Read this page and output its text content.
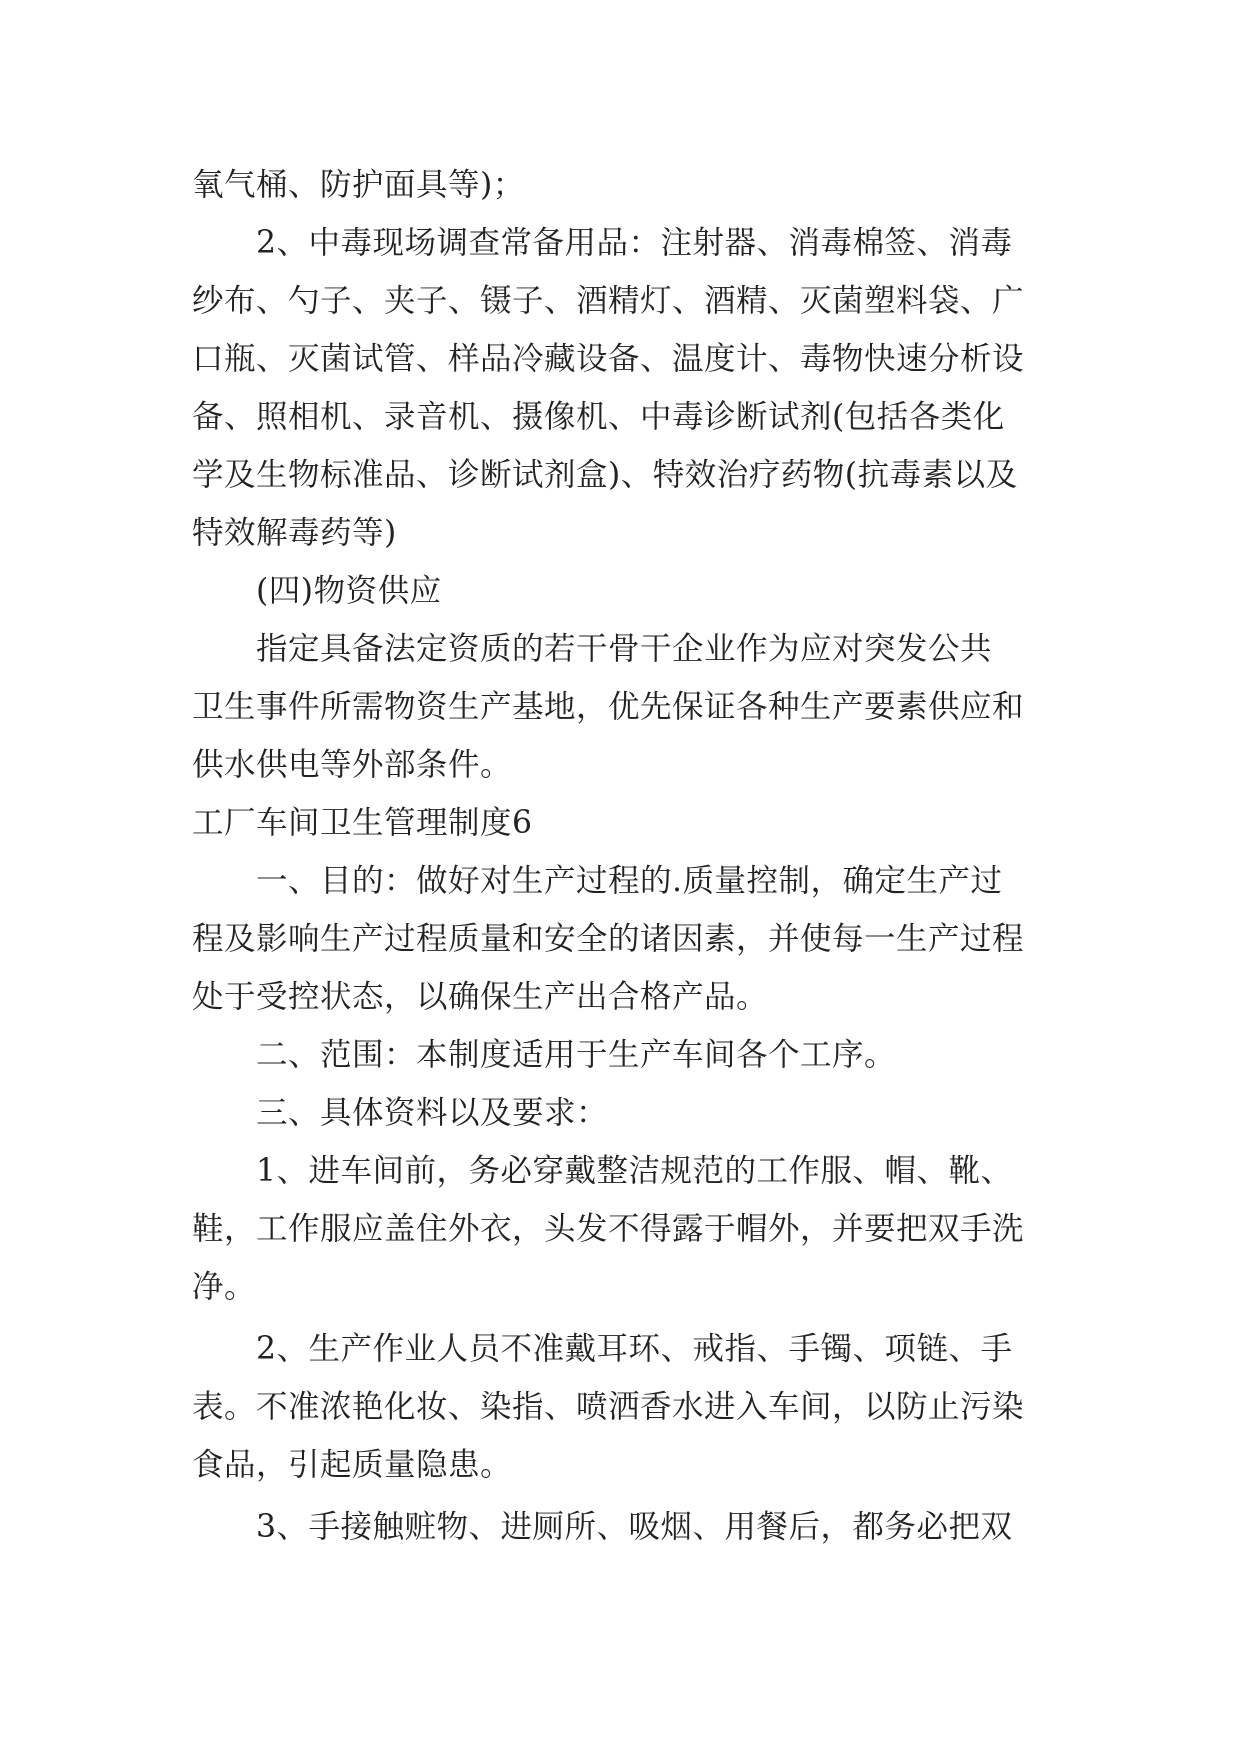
氧气桶、防护面具等)；
2、中毒现场调查常备用品：注射器、消毒棉签、消毒
纱布、勺子、夹子、镊子、酒精灯、酒精、灭菌塑料袋、广
口瓶、灭菌试管、样品冷藏设备、温度计、毒物快速分析设
备、照相机、录音机、摄像机、中毒诊断试剂(包括各类化
学及生物标准品、诊断试剂盒)、特效治疗药物(抗毒素以及
特效解毒药等)
(四)物资供应
指定具备法定资质的若干骨干企业作为应对突发公共
卫生事件所需物资生产基地，优先保证各种生产要素供应和
供水供电等外部条件。
工厂车间卫生管理制度6
一、目的：做好对生产过程的.质量控制，确定生产过
程及影响生产过程质量和安全的诸因素，并使每一生产过程
处于受控状态，以确保生产出合格产品。
二、范围：本制度适用于生产车间各个工序。
三、具体资料以及要求：
1、进车间前，务必穿戴整洁规范的工作服、帽、靴、
鞋，工作服应盖住外衣，头发不得露于帽外，并要把双手洗
净。
2、生产作业人员不准戴耳环、戒指、手镯、项链、手
表。不准浓艳化妆、染指、喷洒香水进入车间，以防止污染
食品，引起质量隐患。
3、手接触赃物、进厕所、吸烟、用餐后，都务必把双
